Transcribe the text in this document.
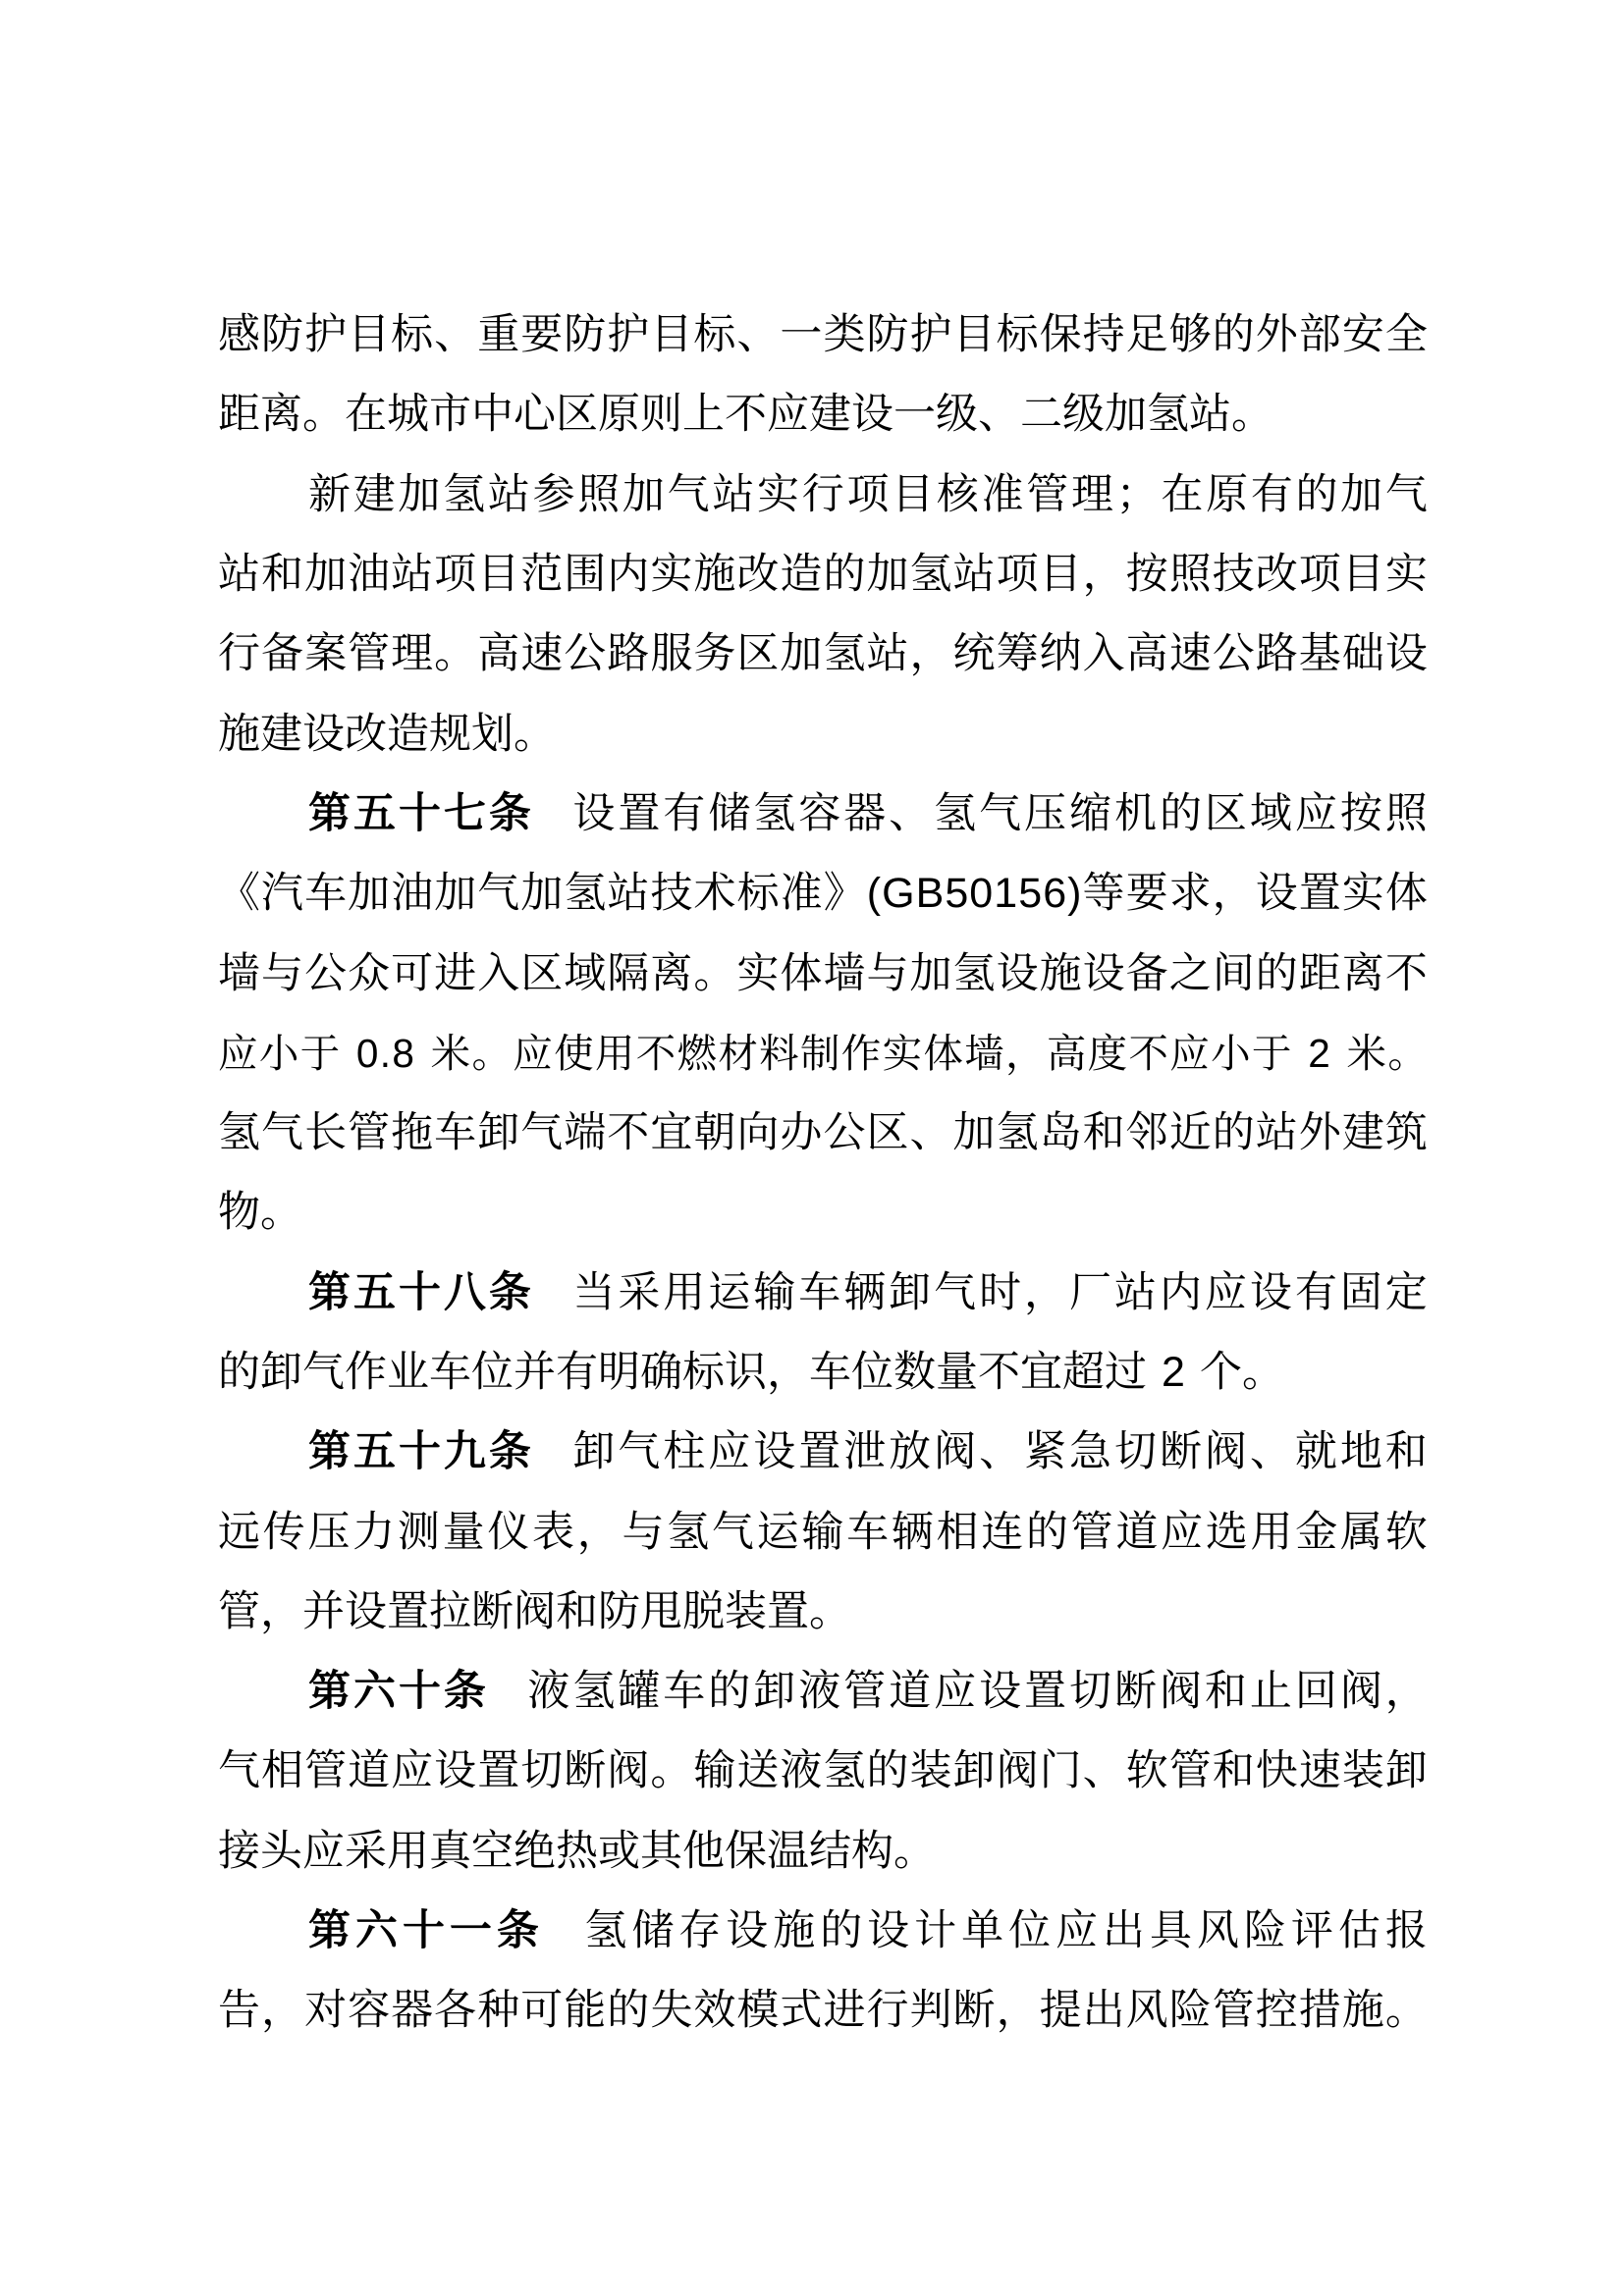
感 防 护 目 标 、 重 要 防 护 目 标 、 一 类 防 护 目 标 保 持 足 够 的 外 部 安 全
距 离 。 在 城 市 中 心 区 原 则 上 不 应 建 设 一 级 、 二 级 加 氢 站 。
新 建 加 氢 站 参 照 加 气 站 实 行 项 目 核 准 管 理 ； 在 原 有 的 加 气
站 和 加 油 站 项 目 范 围 内 实 施 改 造 的 加 氢 站 项 目 ， 按 照 技 改 项 目 实
行 备 案 管 理 。 高 速 公 路 服 务 区 加 氢 站 ， 统 筹 纳 入 高 速 公 路 基 础 设
施 建 设 改 造 规 划 。
第 五 十 七 条 设 置 有 储 氢 容 器 、 氢 气 压 缩 机 的 区 域 应 按 照
《 汽 车 加 油 加 气 加 氢 站 技 术 标 准 》 ( G B 5 0 1 5 6 ) 等 要 求 ， 设 置 实 体
墙 与 公 众 可 进 入 区 域 隔 离 。 实 体 墙 与 加 氢 设 施 设 备 之 间 的 距 离 不
应 小 于 0 . 8 米 。 应 使 用 不 燃 材 料 制 作 实 体 墙 ， 高 度 不 应 小 于 2 米 。
氢 气 长 管 拖 车 卸 气 端 不 宜 朝 向 办 公 区 、 加 氢 岛 和 邻 近 的 站 外 建 筑
物 。
第 五 十 八 条 当 采 用 运 输 车 辆 卸 气 时 ， 厂 站 内 应 设 有 固 定
的 卸 气 作 业 车 位 并 有 明 确 标 识 ， 车 位 数 量 不 宜 超 过 2 个 。
第 五 十 九 条 卸 气 柱 应 设 置 泄 放 阀 、 紧 急 切 断 阀 、 就 地 和
远 传 压 力 测 量 仪 表 ， 与 氢 气 运 输 车 辆 相 连 的 管 道 应 选 用 金 属 软
管 ， 并 设 置 拉 断 阀 和 防 甩 脱 装 置 。
第 六 十 条 液 氢 罐 车 的 卸 液 管 道 应 设 置 切 断 阀 和 止 回 阀 ，
气 相 管 道 应 设 置 切 断 阀 。 输 送 液 氢 的 装 卸 阀 门 、 软 管 和 快 速 装 卸
接 头 应 采 用 真 空 绝 热 或 其 他 保 温 结 构 。
第 六 十 一 条 氢 储 存 设 施 的 设 计 单 位 应 出 具 风 险 评 估 报
告 ， 对 容 器 各 种 可 能 的 失 效 模 式 进 行 判 断 ， 提 出 风 险 管 控 措 施 。
